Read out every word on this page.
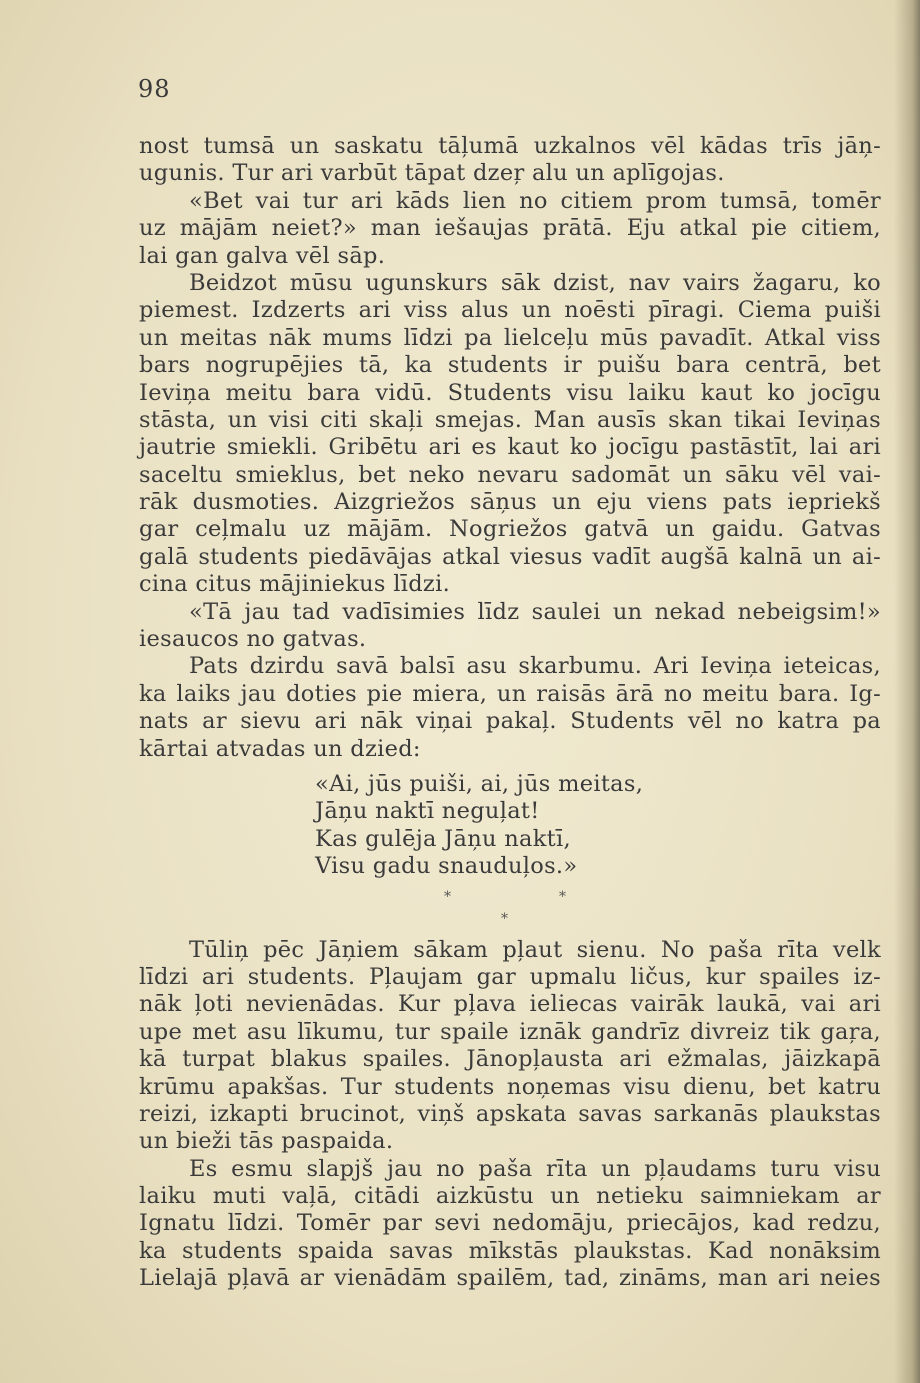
98
nost tumsā un saskatu tāļumā uzkalnos vēl kādas trīs jāņ-
ugunis. Tur ari varbūt tāpat dzeŗ alu un aplīgojas.
«Bet vai tur ari kāds lien no citiem prom tumsā, tomēr
uz mājām neiet?» man iešaujas prātā. Eju atkal pie citiem,
lai gan galva vēl sāp.
Beidzot mūsu ugunskurs sāk dzist, nav vairs žagaru, ko
piemest. Izdzerts ari viss alus un noēsti pīragi. Ciema puiši
un meitas nāk mums līdzi pa lielceļu mūs pavadīt. Atkal viss
bars nogrupējies tā, ka students ir puišu bara centrā, bet
Ieviņa meitu bara vidū. Students visu laiku kaut ko jocīgu
stāsta, un visi citi skaļi smejas. Man ausīs skan tikai Ieviņas
jautrie smiekli. Gribētu ari es kaut ko jocīgu pastāstīt, lai ari
saceltu smieklus, bet neko nevaru sadomāt un sāku vēl vai-
rāk dusmoties. Aizgriežos sāņus un eju viens pats iepriekš
gar ceļmalu uz mājām. Nogriežos gatvā un gaidu. Gatvas
galā students piedāvājas atkal viesus vadīt augšā kalnā un ai-
cina citus mājiniekus līdzi.
«Tā jau tad vadīsimies līdz saulei un nekad nebeigsim!»
iesaucos no gatvas.
Pats dzirdu savā balsī asu skarbumu. Ari Ieviņa ieteicas,
ka laiks jau doties pie miera, un raisās ārā no meitu bara. Ig-
nats ar sievu ari nāk viņai pakaļ. Students vēl no katra pa
kārtai atvadas un dzied:
«Ai, jūs puiši, ai, jūs meitas,
Jāņu naktī neguļat!
Kas gulēja Jāņu naktī,
Visu gadu snauduļos.»
*	*
*
Tūliņ pēc Jāņiem sākam pļaut sienu. No paša rīta velk
līdzi ari students. Pļaujam gar upmalu ličus, kur spailes iz-
nāk ļoti nevienādas. Kur pļava ieliecas vairāk laukā, vai ari
upe met asu līkumu, tur spaile iznāk gandrīz divreiz tik gaŗa,
kā turpat blakus spailes. Jānopļausta ari ežmalas, jāizkapā
krūmu apakšas. Tur students noņemas visu dienu, bet katru
reizi, izkapti brucinot, viņš apskata savas sarkanās plaukstas
un bieži tās paspaida.
Es esmu slapjš jau no paša rīta un pļaudams turu visu
laiku muti vaļā, citādi aizkūstu un netieku saimniekam ar
Ignatu līdzi. Tomēr par sevi nedomāju, priecājos, kad redzu,
ka students spaida savas mīkstās plaukstas. Kad nonāksim
Lielajā pļavā ar vienādām spailēm, tad, zināms, man ari neies
